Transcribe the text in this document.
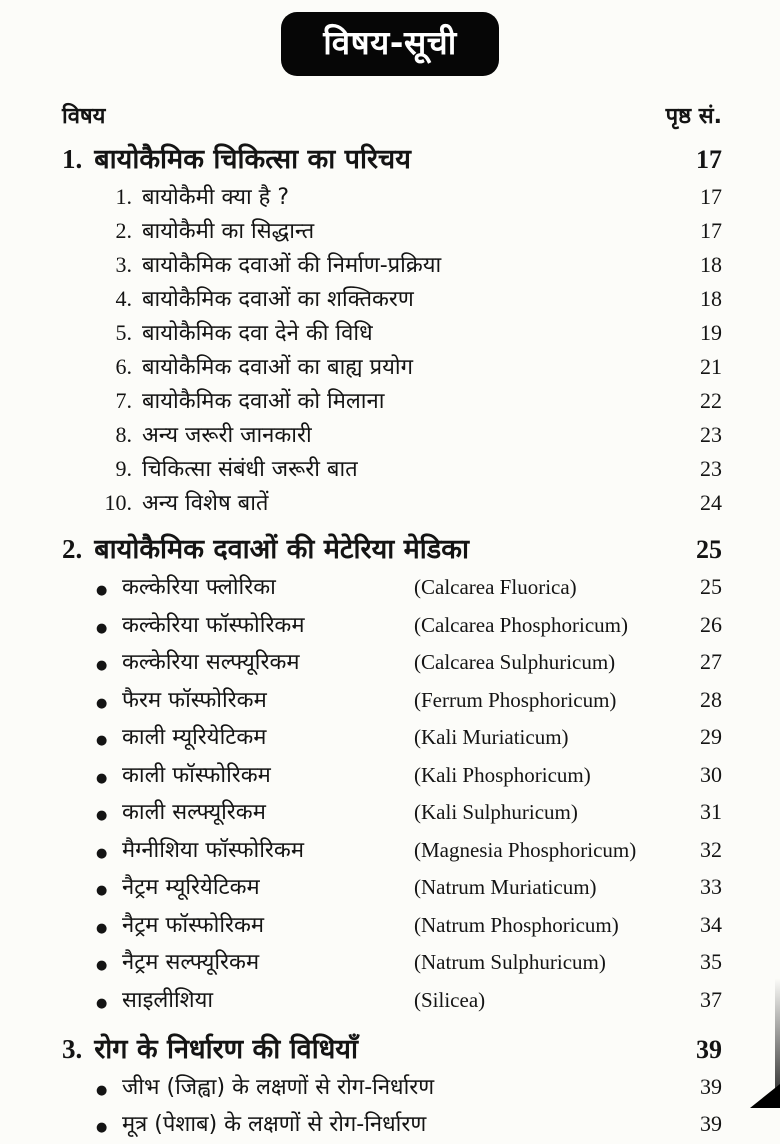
विषय-सूची
विषय	पृष्ठ सं.
1. बायोकैमिक चिकित्सा का परिचय	17
1. बायोकैमी क्या है ?	17
2. बायोकैमी का सिद्धान्त	17
3. बायोकैमिक दवाओं की निर्माण-प्रक्रिया	18
4. बायोकैमिक दवाओं का शक्तिकरण	18
5. बायोकैमिक दवा देने की विधि	19
6. बायोकैमिक दवाओं का बाह्य प्रयोग	21
7. बायोकैमिक दवाओं को मिलाना	22
8. अन्य जरूरी जानकारी	23
9. चिकित्सा संबंधी जरूरी बात	23
10. अन्य विशेष बातें	24
2. बायोकैमिक दवाओं की मेटेरिया मेडिका	25
● कल्केरिया फ्लोरिका	(Calcarea Fluorica)	25
● कल्केरिया फॉस्फोरिकम	(Calcarea Phosphoricum)	26
● कल्केरिया सल्फ्यूरिकम	(Calcarea Sulphuricum)	27
● फैरम फॉस्फोरिकम	(Ferrum Phosphoricum)	28
● काली म्यूरियेटिकम	(Kali Muriaticum)	29
● काली फॉस्फोरिकम	(Kali Phosphoricum)	30
● काली सल्फ्यूरिकम	(Kali Sulphuricum)	31
● मैग्नीशिया फॉस्फोरिकम	(Magnesia Phosphoricum)	32
● नैट्रम म्यूरियेटिकम	(Natrum Muriaticum)	33
● नैट्रम फॉस्फोरिकम	(Natrum Phosphoricum)	34
● नैट्रम सल्फ्यूरिकम	(Natrum Sulphuricum)	35
● साइलीशिया	(Silicea)	37
3. रोग के निर्धारण की विधियाँ	39
● जीभ (जिह्वा) के लक्षणों से रोग-निर्धारण	39
● मूत्र (पेशाब) के लक्षणों से रोग-निर्धारण	39
